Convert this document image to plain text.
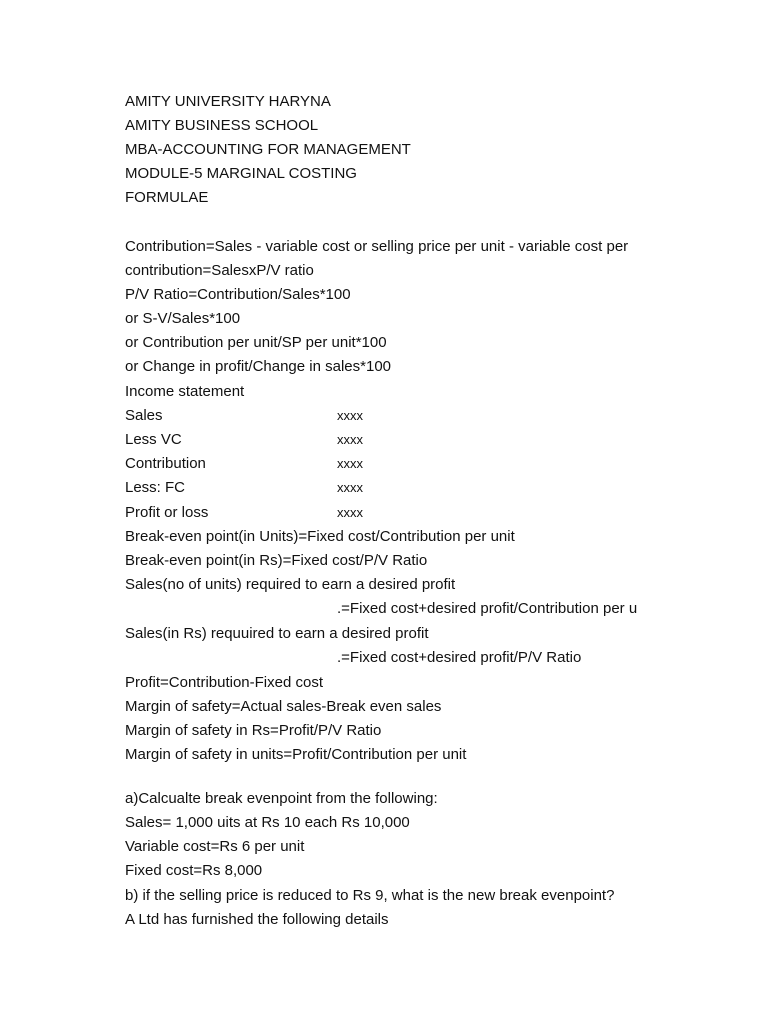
AMITY UNIVERSITY HARYNA
AMITY BUSINESS SCHOOL
MBA-ACCOUNTING FOR MANAGEMENT
MODULE-5 MARGINAL COSTING
FORMULAE
Contribution=Sales - variable cost or selling price per unit - variable cost per
contribution=SalesxP/V ratio
P/V Ratio=Contribution/Sales*100
or S-V/Sales*100
or Contribution per unit/SP per unit*100
or Change in profit/Change in sales*100
Income statement
Sales	xxxx
Less VC	xxxx
Contribution	xxxx
Less: FC	xxxx
Profit or loss	xxxx
Break-even point(in Units)=Fixed cost/Contribution per unit
Break-even point(in Rs)=Fixed cost/P/V Ratio
Sales(no of units) required to earn a desired profit
.=Fixed cost+desired profit/Contribution per u
Sales(in Rs) requuired to earn a desired profit
.=Fixed cost+desired profit/P/V Ratio
Profit=Contribution-Fixed cost
Margin of safety=Actual sales-Break even sales
Margin of safety in Rs=Profit/P/V Ratio
Margin of safety in units=Profit/Contribution per unit
a)Calcualte break evenpoint from the following:
Sales= 1,000 uits at Rs 10 each Rs 10,000
Variable cost=Rs 6 per unit
Fixed cost=Rs 8,000
b) if the selling price is reduced to Rs 9, what is the new break evenpoint?
A Ltd has furnished the following details
